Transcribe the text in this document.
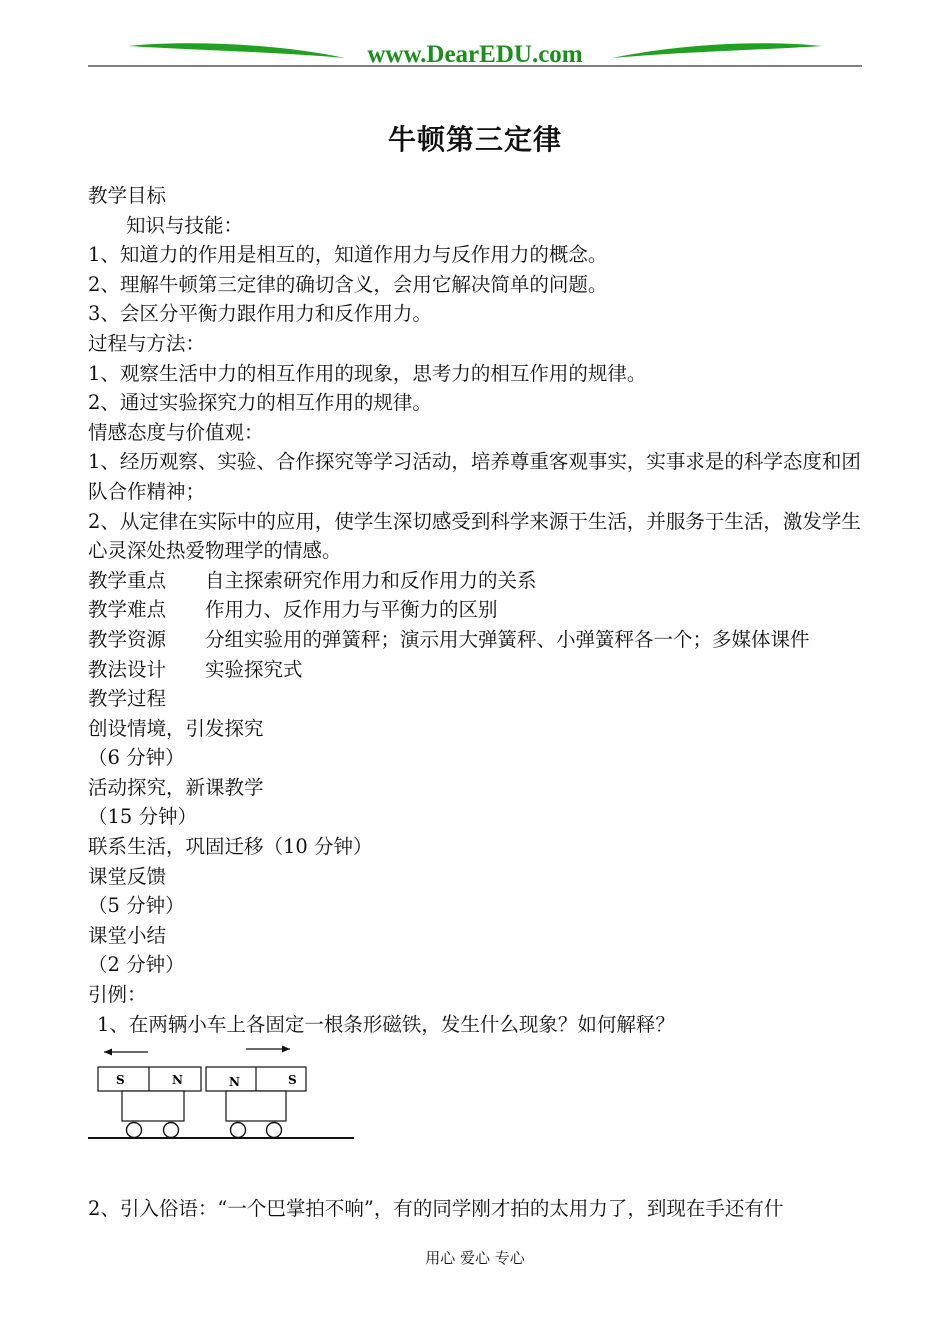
www.DearEDU.com
牛顿第三定律
教学目标
知识与技能：
1、知道力的作用是相互的，知道作用力与反作用力的概念。
2、理解牛顿第三定律的确切含义，会用它解决简单的问题。
3、会区分平衡力跟作用力和反作用力。
过程与方法：
1、观察生活中力的相互作用的现象，思考力的相互作用的规律。
2、通过实验探究力的相互作用的规律。
情感态度与价值观：
1、经历观察、实验、合作探究等学习活动，培养尊重客观事实，实事求是的科学态度和团队合作精神；
2、从定律在实际中的应用，使学生深切感受到科学来源于生活，并服务于生活，激发学生心灵深处热爱物理学的情感。
教学重点 自主探索研究作用力和反作用力的关系
教学难点 作用力、反作用力与平衡力的区别
教学资源 分组实验用的弹簧秤；演示用大弹簧秤、小弹簧秤各一个；多媒体课件
教法设计 实验探究式
教学过程
创设情境，引发探究
（6 分钟）
活动探究，新课教学
（15 分钟）
联系生活，巩固迁移（10 分钟）
课堂反馈
（5 分钟）
课堂小结
（2 分钟）
引例：
1、在两辆小车上各固定一根条形磁铁，发生什么现象？如何解释？
S	N	N	S
2、引入俗语：“一个巴掌拍不响”，有的同学刚才拍的太用力了，到现在手还有什
用心 爱心 专心
